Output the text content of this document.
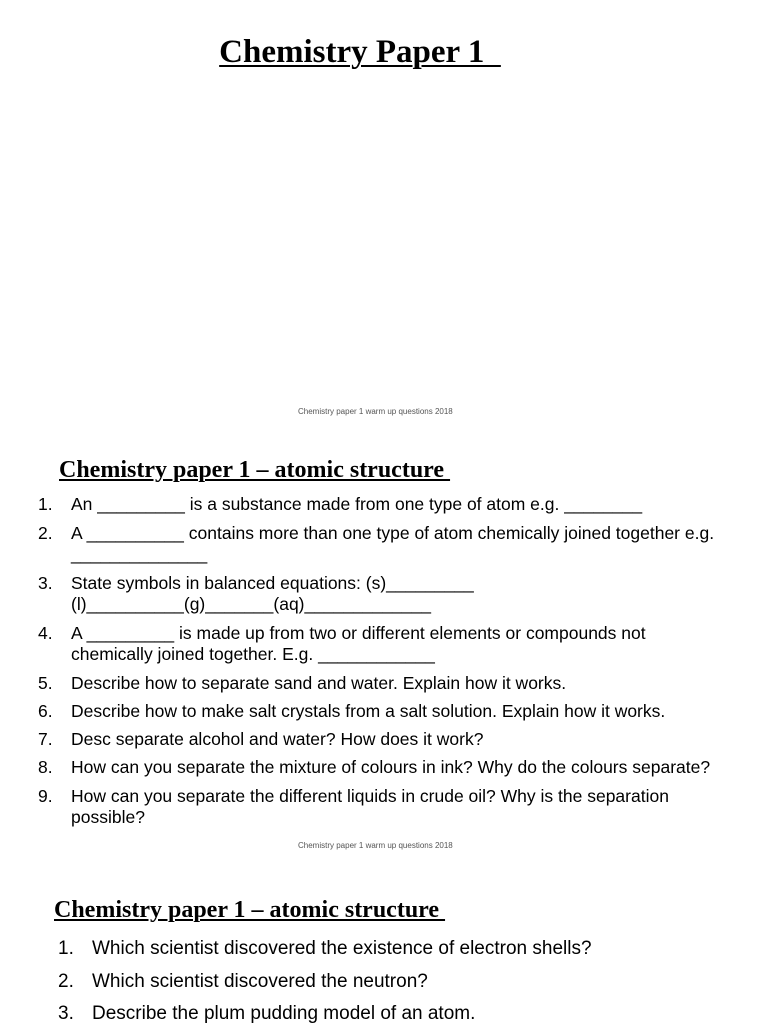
Chemistry Paper 1
Chemistry paper 1 warm up questions 2018
Chemistry paper 1 – atomic structure
1. An _________ is a substance made from one type of atom e.g. ________
2. A __________ contains more than one type of atom chemically joined together e.g. ______________
3. State symbols in balanced equations: (s)_________ (l)__________(g)_______(aq)_____________
4. A _________ is made up from two or different elements or compounds not chemically joined together. E.g. ____________
5. Describe how to separate sand and water. Explain how it works.
6. Describe how to make salt crystals from a salt solution. Explain how it works.
7. Desc separate alcohol and water? How does it work?
8. How can you separate the mixture of colours in ink? Why do the colours separate?
9. How can you separate the different liquids in crude oil? Why is the separation possible?
Chemistry paper 1 warm up questions 2018
Chemistry paper 1 – atomic structure
1. Which scientist discovered the existence of electron shells?
2. Which scientist discovered the neutron?
3. Describe the plum pudding model of an atom.
